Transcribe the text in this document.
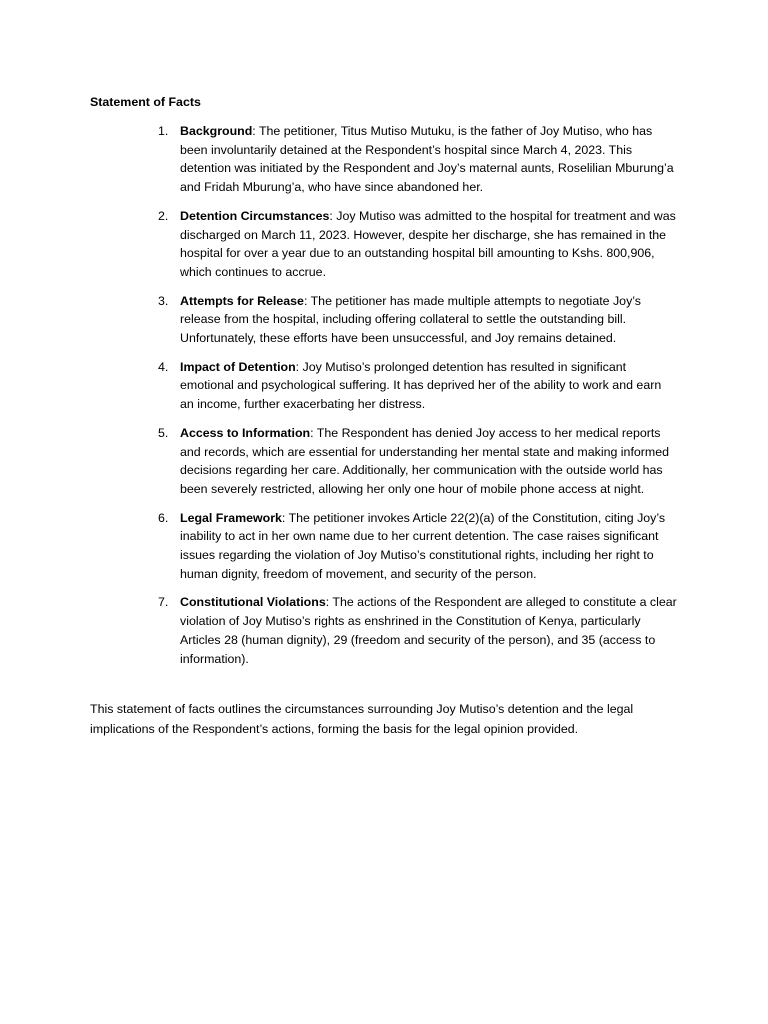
Statement of Facts

1. Background: The petitioner, Titus Mutiso Mutuku, is the father of Joy Mutiso, who has been involuntarily detained at the Respondent’s hospital since March 4, 2023. This detention was initiated by the Respondent and Joy’s maternal aunts, Roselilian Mburung’a and Fridah Mburung’a, who have since abandoned her.
2. Detention Circumstances: Joy Mutiso was admitted to the hospital for treatment and was discharged on March 11, 2023. However, despite her discharge, she has remained in the hospital for over a year due to an outstanding hospital bill amounting to Kshs. 800,906, which continues to accrue.
3. Attempts for Release: The petitioner has made multiple attempts to negotiate Joy’s release from the hospital, including offering collateral to settle the outstanding bill. Unfortunately, these efforts have been unsuccessful, and Joy remains detained.
4. Impact of Detention: Joy Mutiso’s prolonged detention has resulted in significant emotional and psychological suffering. It has deprived her of the ability to work and earn an income, further exacerbating her distress.
5. Access to Information: The Respondent has denied Joy access to her medical reports and records, which are essential for understanding her mental state and making informed decisions regarding her care. Additionally, her communication with the outside world has been severely restricted, allowing her only one hour of mobile phone access at night.
6. Legal Framework: The petitioner invokes Article 22(2)(a) of the Constitution, citing Joy’s inability to act in her own name due to her current detention. The case raises significant issues regarding the violation of Joy Mutiso’s constitutional rights, including her right to human dignity, freedom of movement, and security of the person.
7. Constitutional Violations: The actions of the Respondent are alleged to constitute a clear violation of Joy Mutiso’s rights as enshrined in the Constitution of Kenya, particularly Articles 28 (human dignity), 29 (freedom and security of the person), and 35 (access to information).

This statement of facts outlines the circumstances surrounding Joy Mutiso’s detention and the legal implications of the Respondent’s actions, forming the basis for the legal opinion provided.
